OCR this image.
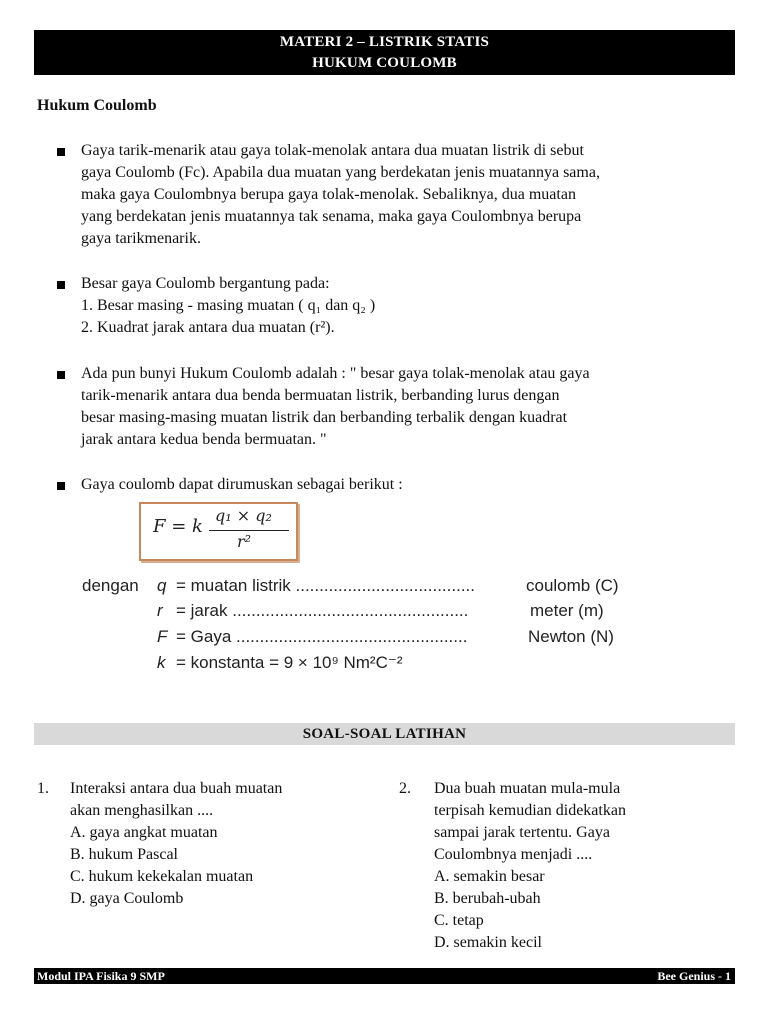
MATERI 2 – LISTRIK STATIS
HUKUM COULOMB
Hukum Coulomb
Gaya tarik-menarik atau gaya tolak-menolak antara dua muatan listrik di sebut
gaya Coulomb (Fc). Apabila dua muatan yang berdekatan jenis muatannya sama,
maka gaya Coulombnya berupa gaya tolak-menolak. Sebaliknya, dua muatan
yang berdekatan jenis muatannya tak senama, maka gaya Coulombnya berupa
gaya tarikmenarik.
Besar gaya Coulomb bergantung pada:
1. Besar masing - masing muatan ( q₁ dan q₂ )
2. Kuadrat jarak antara dua muatan (r²).
Ada pun bunyi Hukum Coulomb adalah : " besar gaya tolak-menolak atau gaya
tarik-menarik antara dua benda bermuatan listrik, berbanding lurus dengan
besar masing-masing muatan listrik dan berbanding terbalik dengan kuadrat
jarak antara kedua benda bermuatan. "
Gaya coulomb dapat dirumuskan sebagai berikut :
F = k
q₁ × q₂
r²
dengan q = muatan listrik ......................................	coulomb (C)
r = jarak ..................................................	meter (m)
F = Gaya .................................................	Newton (N)
k = konstanta = 9 × 10⁹ Nm²C⁻²
SOAL-SOAL LATIHAN
1. Interaksi antara dua buah muatan
akan menghasilkan ....
A. gaya angkat muatan
B. hukum Pascal
C. hukum kekekalan muatan
D. gaya Coulomb
2. Dua buah muatan mula-mula
terpisah kemudian didekatkan
sampai jarak tertentu. Gaya
Coulombnya menjadi ....
A. semakin besar
B. berubah-ubah
C. tetap
D. semakin kecil
Modul IPA Fisika 9 SMP	Bee Genius - 1
